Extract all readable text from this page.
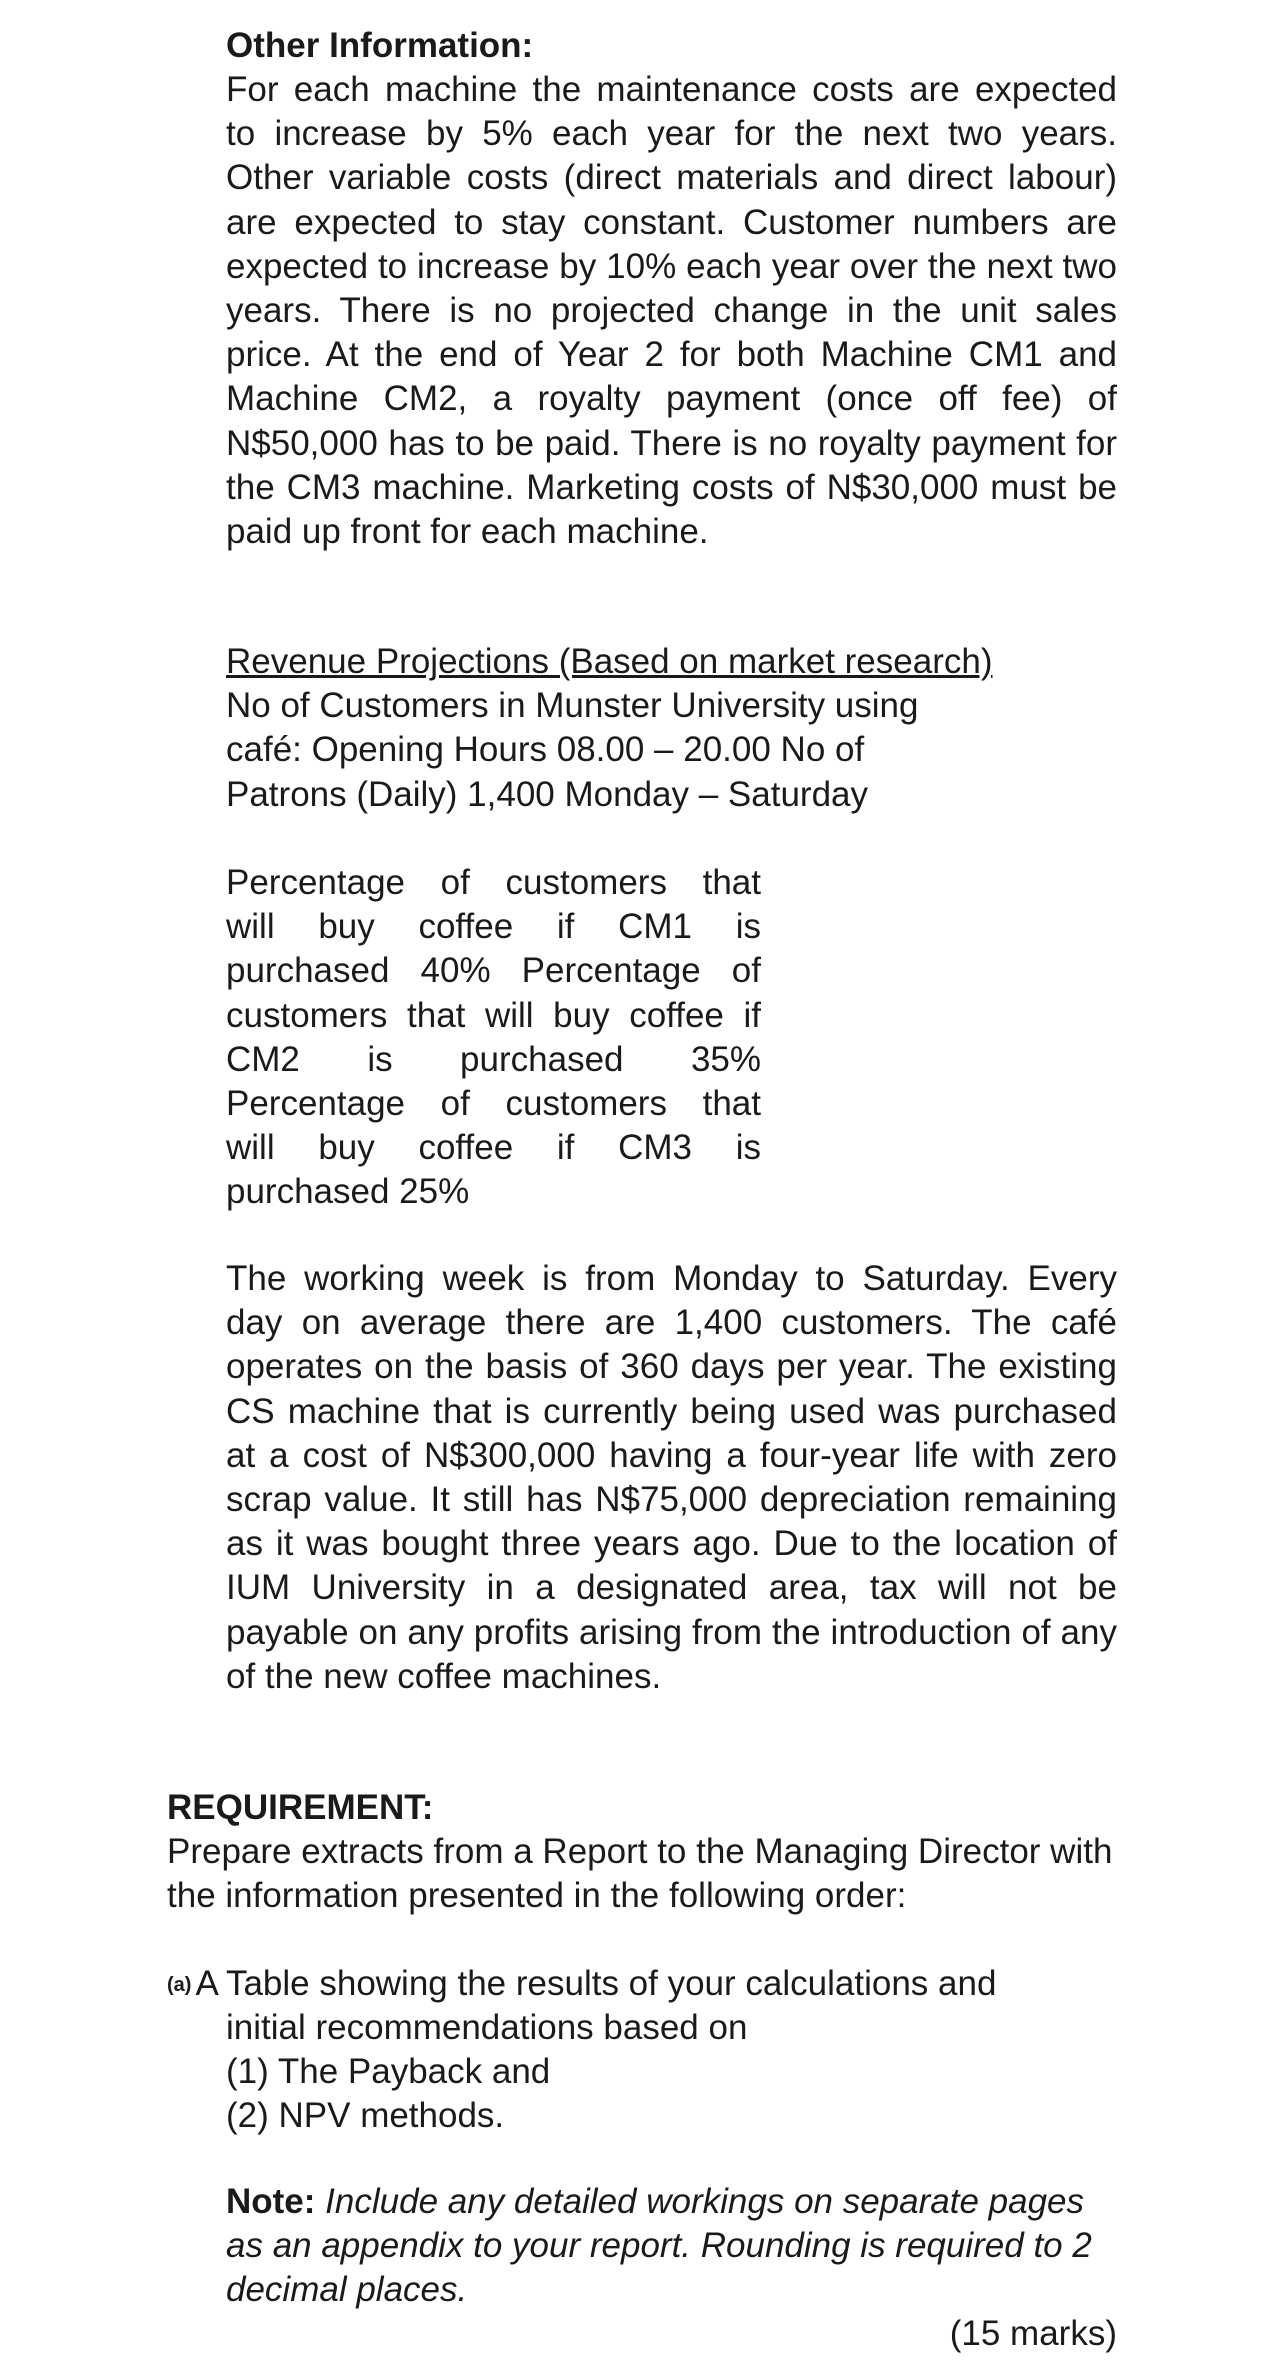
Other Information:
For each machine the maintenance costs are expected to increase by 5% each year for the next two years. Other variable costs (direct materials and direct labour) are expected to stay constant. Customer numbers are expected to increase by 10% each year over the next two years. There is no projected change in the unit sales price. At the end of Year 2 for both Machine CM1 and Machine CM2, a royalty payment (once off fee) of N$50,000 has to be paid. There is no royalty payment for the CM3 machine. Marketing costs of N$30,000 must be paid up front for each machine.
Revenue Projections (Based on market research)
No of Customers in Munster University using
café: Opening Hours 08.00 – 20.00 No of
Patrons (Daily) 1,400 Monday – Saturday
Percentage of customers that
will buy coffee if CM1 is
purchased 40% Percentage of
customers that will buy coffee if
CM2 is purchased 35%
Percentage of customers that
will buy coffee if CM3 is
purchased 25%
The working week is from Monday to Saturday. Every day on average there are 1,400 customers. The café operates on the basis of 360 days per year. The existing CS machine that is currently being used was purchased at a cost of N$300,000 having a four-year life with zero scrap value. It still has N$75,000 depreciation remaining as it was bought three years ago. Due to the location of IUM University in a designated area, tax will not be payable on any profits arising from the introduction of any of the new coffee machines.
REQUIREMENT:
Prepare extracts from a Report to the Managing Director with the information presented in the following order:
(a) A Table showing the results of your calculations and
initial recommendations based on
(1) The Payback and
(2) NPV methods.
Note: Include any detailed workings on separate pages as an appendix to your report. Rounding is required to 2 decimal places.
(15 marks)
